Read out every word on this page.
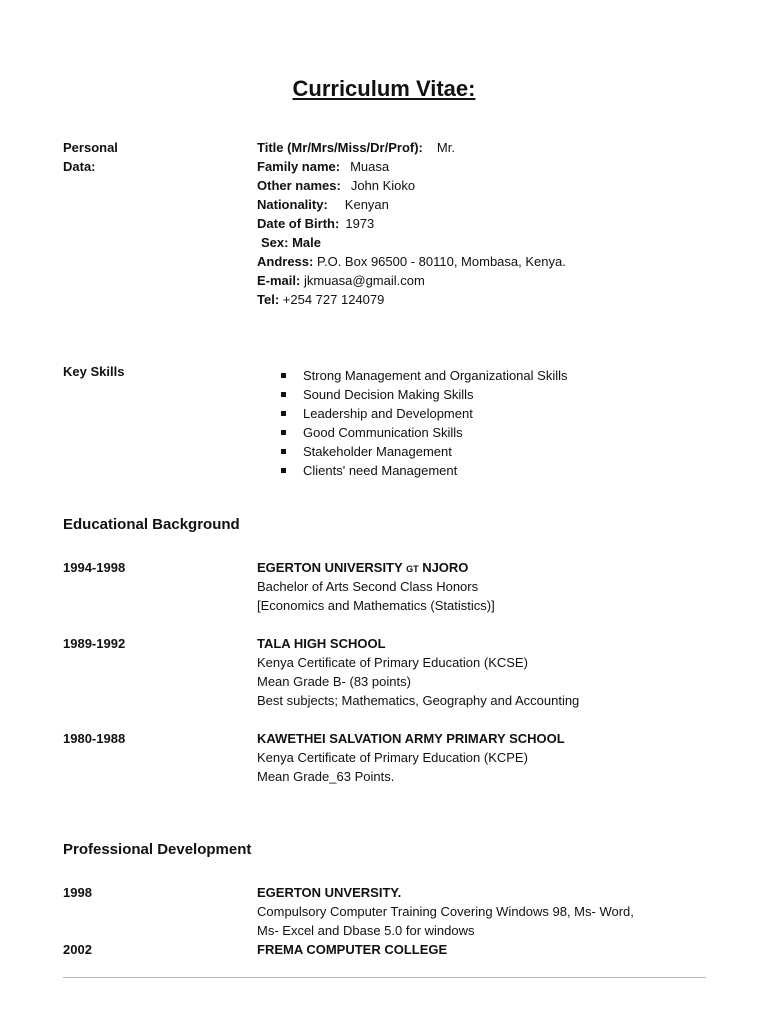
Curriculum Vitae:
Personal
Data:
Title (Mr/Mrs/Miss/Dr/Prof): Mr.
Family name: Muasa
Other names: John Kioko
Nationality: Kenyan
Date of Birth: 1973
Sex: Male
Andress: P.O. Box 96500 - 80110, Mombasa, Kenya.
E-mail: jkmuasa@gmail.com
Tel: +254 727 124079
Key Skills	Strong Management and Organizational Skills
Sound Decision Making Skills
Leadership and Development
Good Communication Skills
Stakeholder Management
Clients' need Management
Educational Background
1994-1998	EGERTON UNIVERSITY GT NJORO
Bachelor of Arts Second Class Honors
[Economics and Mathematics (Statistics)]
1989-1992	TALA HIGH SCHOOL
Kenya Certificate of Primary Education (KCSE)
Mean Grade B- (83 points)
Best subjects; Mathematics, Geography and Accounting
1980-1988	KAWETHEI SALVATION ARMY PRIMARY SCHOOL
Kenya Certificate of Primary Education (KCPE)
Mean Grade_63 Points.
Professional Development
1998	EGERTON UNVERSITY.
Compulsory Computer Training Covering Windows 98, Ms- Word,
Ms- Excel and Dbase 5.0 for windows
2002	FREMA COMPUTER COLLEGE
